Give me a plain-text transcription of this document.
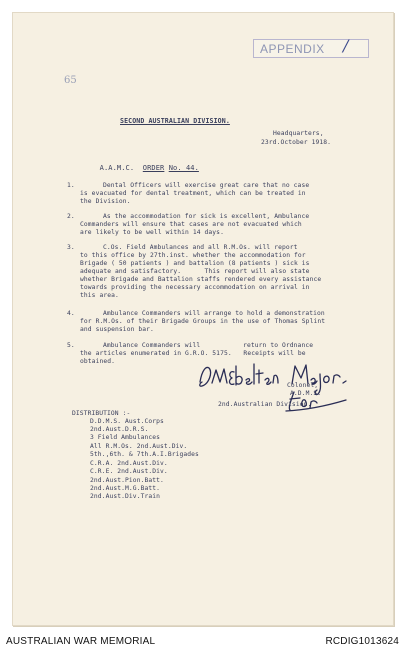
APPENDIX	/
65
SECOND AUSTRALIAN DIVISION.
Headquarters,
23rd.October 1918.

A.A.M.C. ORDER No. 44.

1.	Dental Officers will exercise great care that no case
is evacuated for dental treatment, which can be treated in
the Division.
2.	As the accommodation for sick is excellent, Ambulance
Commanders will ensure that cases are not evacuated which
are likely to be well within 14 days.
3.	C.Os. Field Ambulances and all R.M.Os. will report
to this office by 27th.inst. whether the accommodation for
Brigade ( 50 patients ) and battalion (8 patients ) sick is
adequate and satisfactory.      This report will also state
whether Brigade and Battalion staffs rendered every assistance
towards providing the necessary accommodation on arrival in
this area.
4.	Ambulance Commanders will arrange to hold a demonstration
for R.M.Os. of their Brigade Groups in the use of Thomas Splint
and suspension bar.
5.	Ambulance Commanders will           return to Ordnance
the articles enumerated in G.R.O. 5175.   Receipts will be
obtained.
Colonel,
A.D.M.S.
2nd.Australian Division.
DISTRIBUTION :-
D.D.M.S. Aust.Corps
2nd.Aust.D.R.S.
3 Field Ambulances
All R.M.Os. 2nd.Aust.Div.
5th.,6th. & 7th.A.I.Brigades
C.R.A. 2nd.Aust.Div.
C.R.E. 2nd.Aust.Div.
2nd.Aust.Pion.Batt.
2nd.Aust.M.G.Batt.
2nd.Aust.Div.Train
AUSTRALIAN WAR MEMORIAL	RCDIG1013624
